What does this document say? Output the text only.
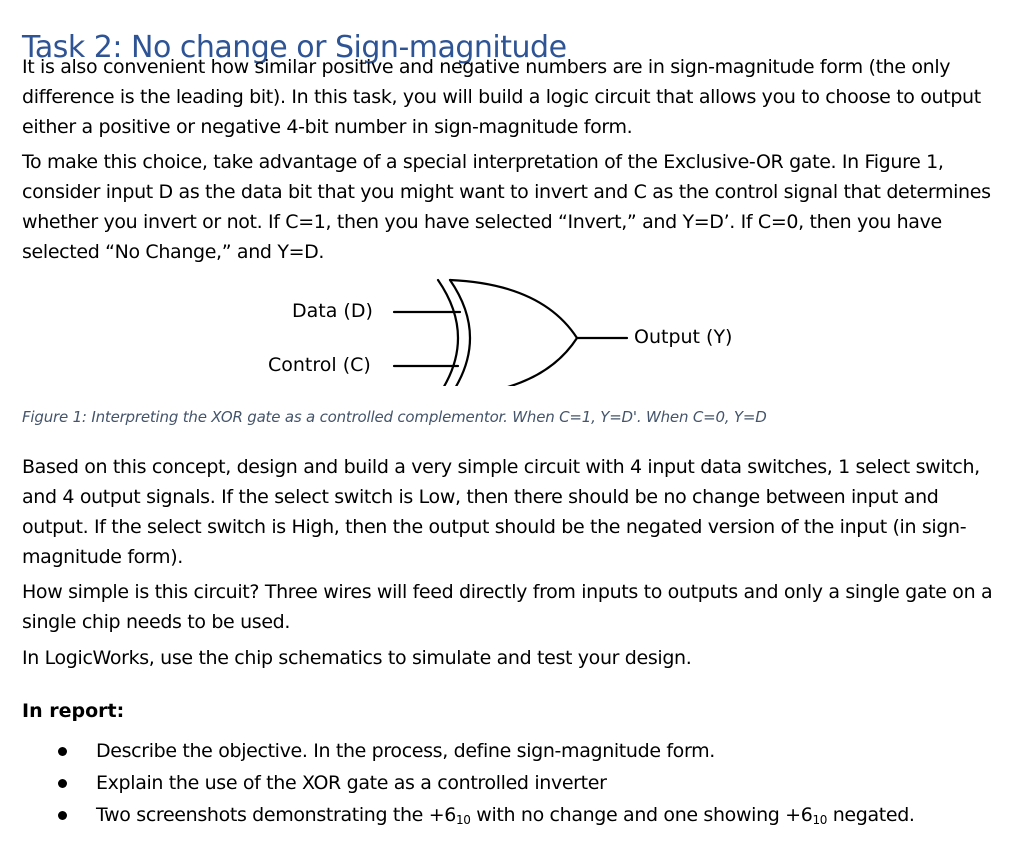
Task 2: No change or Sign-magnitude

It is also convenient how similar positive and negative numbers are in sign-magnitude form (the only difference is the leading bit). In this task, you will build a logic circuit that allows you to choose to output either a positive or negative 4-bit number in sign-magnitude form.

To make this choice, take advantage of a special interpretation of the Exclusive-OR gate. In Figure 1, consider input D as the data bit that you might want to invert and C as the control signal that determines whether you invert or not. If C=1, then you have selected “Invert,” and Y=D’. If C=0, then you have selected “No Change,” and Y=D.

Data (D)
Control (C)
Output (Y)
Figure 1: Interpreting the XOR gate as a controlled complementor. When C=1, Y=D'. When C=0, Y=D

Based on this concept, design and build a very simple circuit with 4 input data switches, 1 select switch, and 4 output signals. If the select switch is Low, then there should be no change between input and output. If the select switch is High, then the output should be the negated version of the input (in sign-magnitude form).

How simple is this circuit? Three wires will feed directly from inputs to outputs and only a single gate on a single chip needs to be used.

In LogicWorks, use the chip schematics to simulate and test your design.

In report:
Describe the objective. In the process, define sign-magnitude form.
Explain the use of the XOR gate as a controlled inverter
Two screenshots demonstrating the $+6_{10}$ with no change and one showing $+6_{10}$ negated.
